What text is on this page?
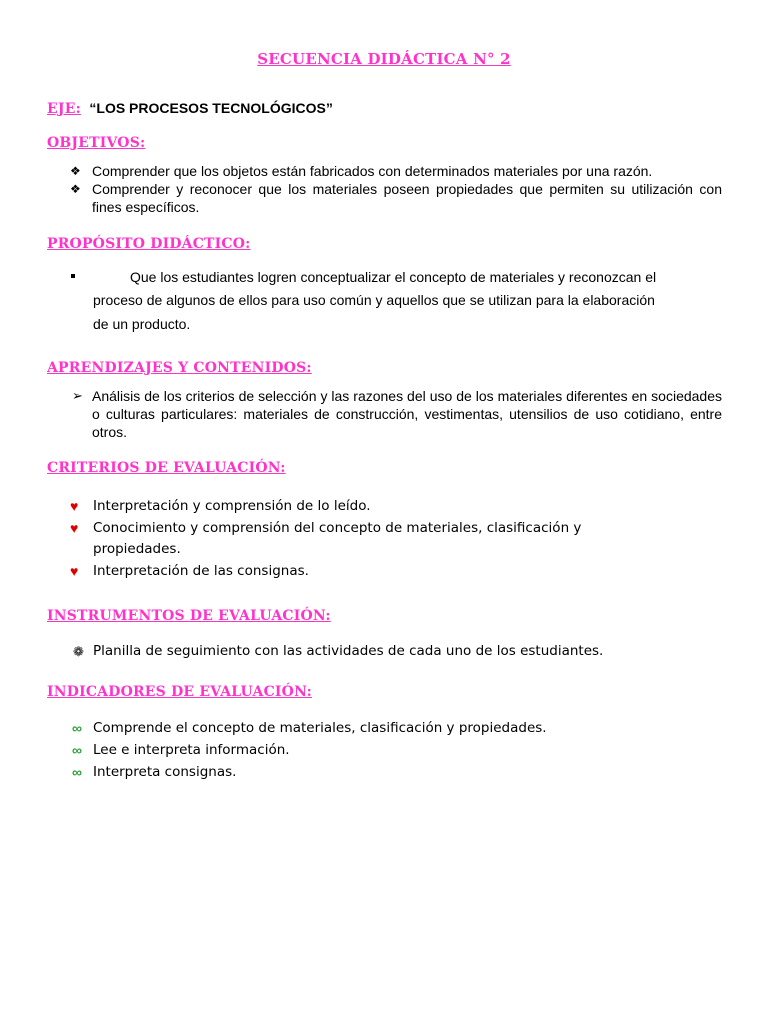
SECUENCIA DIDÁCTICA N° 2
EJE: “LOS PROCESOS TECNOLÓGICOS”
OBJETIVOS:
❖ Comprender que los objetos están fabricados con determinados materiales por una razón.
❖ Comprender y reconocer que los materiales poseen propiedades que permiten su utilización con fines específicos.
PROPÓSITO DIDÁCTICO:
Que los estudiantes logren conceptualizar el concepto de materiales y reconozcan el
proceso de algunos de ellos para uso común y aquellos que se utilizan para la elaboración
de un producto.
APRENDIZAJES Y CONTENIDOS:
➢ Análisis de los criterios de selección y las razones del uso de los materiales diferentes en sociedades o culturas particulares: materiales de construcción, vestimentas, utensilios de uso cotidiano, entre otros.
CRITERIOS DE EVALUACIÓN:
♥ Interpretación y comprensión de lo leído.
♥ Conocimiento y comprensión del concepto de materiales, clasificación y propiedades.
♥ Interpretación de las consignas.
INSTRUMENTOS DE EVALUACIÓN:
❁ Planilla de seguimiento con las actividades de cada uno de los estudiantes.
INDICADORES DE EVALUACIÓN:
∞ Comprende el concepto de materiales, clasificación y propiedades.
∞ Lee e interpreta información.
∞ Interpreta consignas.
